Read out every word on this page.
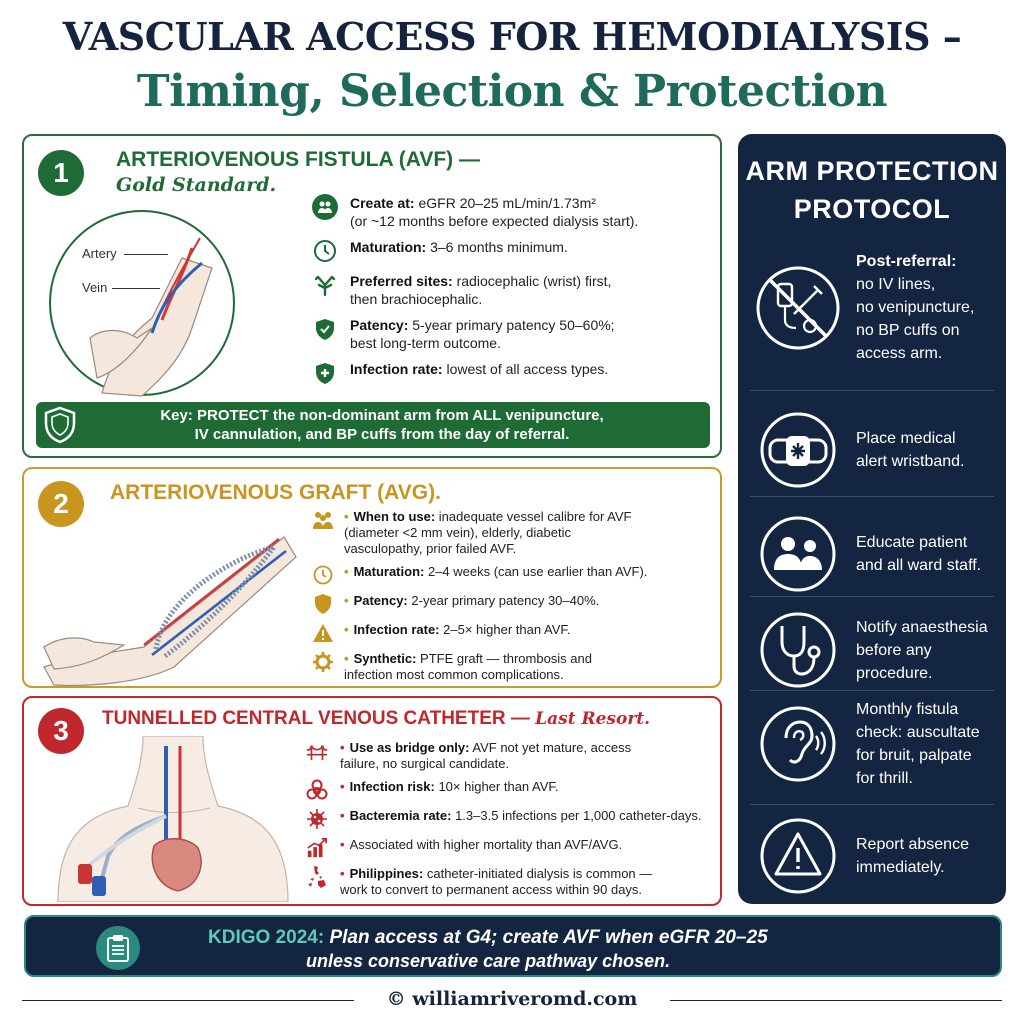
VASCULAR ACCESS FOR HEMODIALYSIS –
Timing, Selection & Protection
1	ARTERIOVENOUS FISTULA (AVF) —
Gold Standard.
Artery
Vein
Create at: eGFR 20–25 mL/min/1.73m²
(or ~12 months before expected dialysis start).
Maturation: 3–6 months minimum.
Preferred sites: radiocephalic (wrist) first,
then brachiocephalic.
Patency: 5-year primary patency 50–60%;
best long-term outcome.
Infection rate: lowest of all access types.
Key: PROTECT the non-dominant arm from ALL venipuncture,
IV cannulation, and BP cuffs from the day of referral.
2	ARTERIOVENOUS GRAFT (AVG).
• When to use: inadequate vessel calibre for AVF
(diameter <2 mm vein), elderly, diabetic
vasculopathy, prior failed AVF.
• Maturation: 2–4 weeks (can use earlier than AVF).
• Patency: 2-year primary patency 30–40%.
• Infection rate: 2–5× higher than AVF.
• Synthetic: PTFE graft — thrombosis and
infection most common complications.
3	TUNNELLED CENTRAL VENOUS CATHETER — Last Resort.
• Use as bridge only: AVF not yet mature, access
failure, no surgical candidate.
• Infection risk: 10× higher than AVF.
• Bacteremia rate: 1.3–3.5 infections per 1,000 catheter-days.
• Associated with higher mortality than AVF/AVG.
• Philippines: catheter-initiated dialysis is common —
work to convert to permanent access within 90 days.
ARM PROTECTION
PROTOCOL
Post-referral:
no IV lines,
no venipuncture,
no BP cuffs on
access arm.
Place medical
alert wristband.
Educate patient
and all ward staff.
Notify anaesthesia
before any
procedure.
Monthly fistula
check: auscultate
for bruit, palpate
for thrill.
Report absence
immediately.
KDIGO 2024: Plan access at G4; create AVF when eGFR 20–25
unless conservative care pathway chosen.
© williamriveromd.com
